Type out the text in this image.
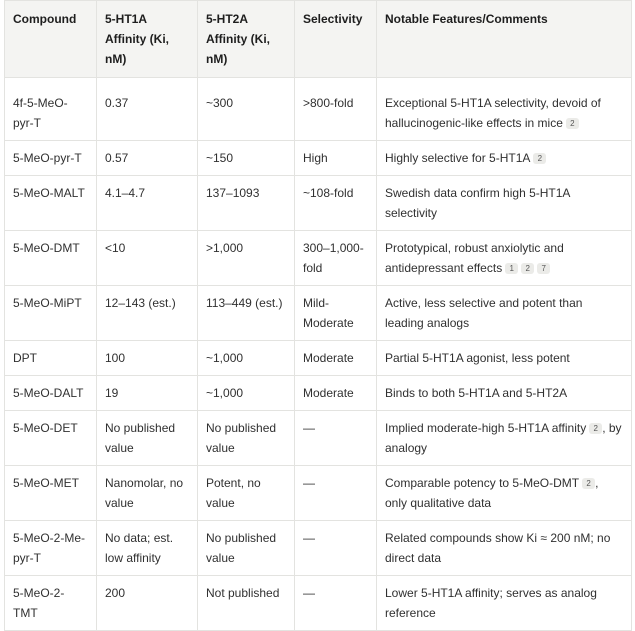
Compound	5-HT1A Affinity (Ki, nM)	5-HT2A Affinity (Ki, nM)	Selectivity	Notable Features/Comments
4f-5-MeO-pyr-T	0.37	~300	>800-fold	Exceptional 5-HT1A selectivity, devoid of hallucinogenic-like effects in mice 2
5-MeO-pyr-T	0.57	~150	High	Highly selective for 5-HT1A 2
5-MeO-MALT	4.1–4.7	137–1093	~108-fold	Swedish data confirm high 5-HT1A selectivity
5-MeO-DMT	<10	>1,000	300–1,000-fold	Prototypical, robust anxiolytic and antidepressant effects 1 2 7
5-MeO-MiPT	12–143 (est.)	113–449 (est.)	Mild-Moderate	Active, less selective and potent than leading analogs
DPT	100	~1,000	Moderate	Partial 5-HT1A agonist, less potent
5-MeO-DALT	19	~1,000	Moderate	Binds to both 5-HT1A and 5-HT2A
5-MeO-DET	No published value	No published value	—	Implied moderate-high 5-HT1A affinity 2 , by analogy
5-MeO-MET	Nanomolar, no value	Potent, no value	—	Comparable potency to 5-MeO-DMT 2 , only qualitative data
5-MeO-2-Me-pyr-T	No data; est. low affinity	No published value	—	Related compounds show Ki ≈ 200 nM; no direct data
5-MeO-2-TMT	200	Not published	—	Lower 5-HT1A affinity; serves as analog reference
